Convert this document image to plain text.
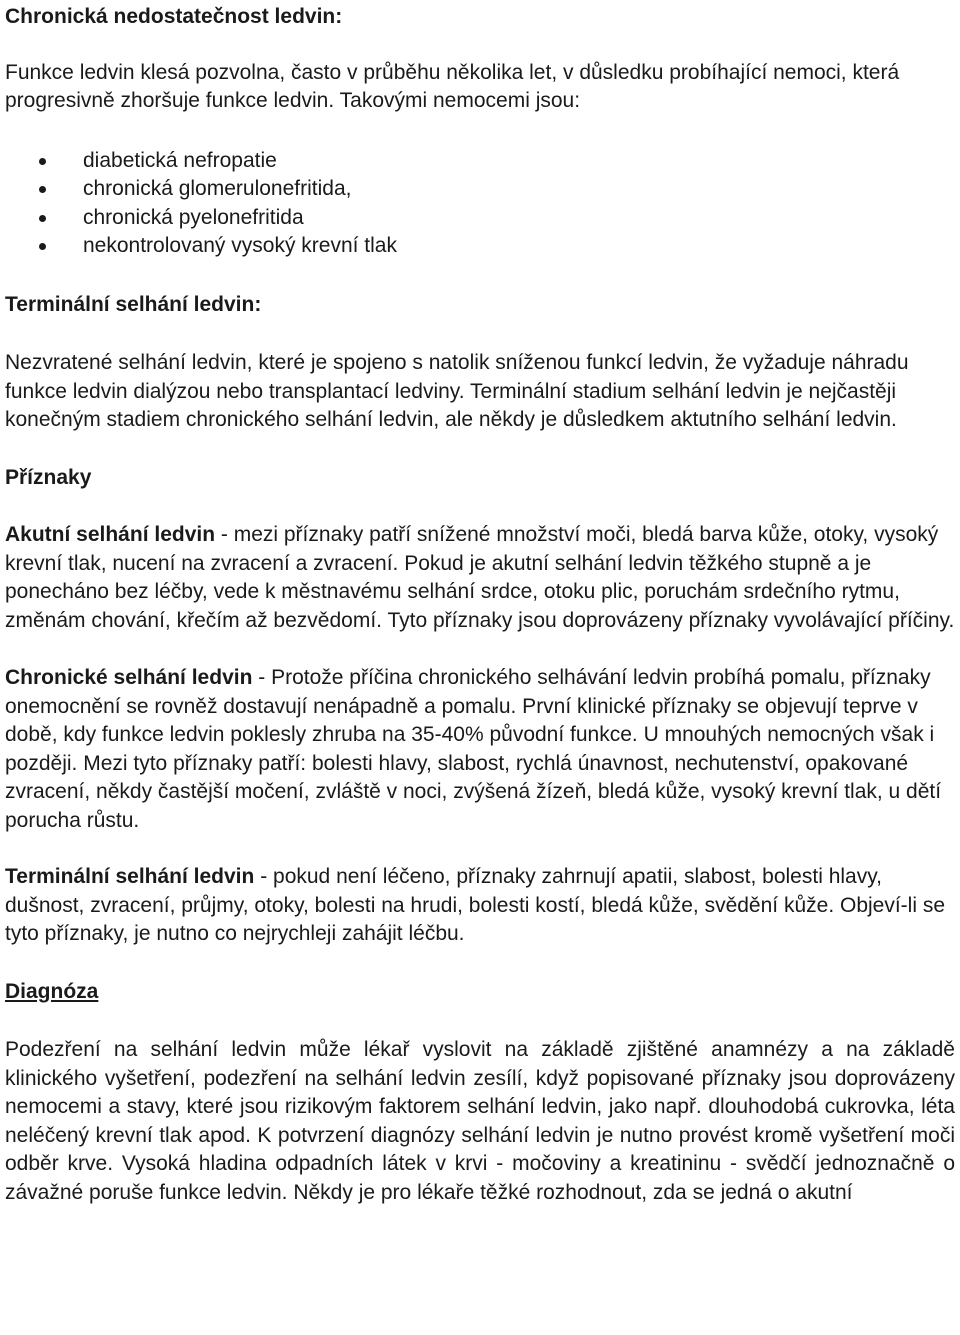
Chronická nedostatečnost ledvin:

Funkce ledvin klesá pozvolna, často v průběhu několika let, v důsledku probíhající nemoci, která progresivně zhoršuje funkce ledvin. Takovými nemocemi jsou:

diabetická nefropatie
chronická glomerulonefritida,
chronická pyelonefritida
nekontrolovaný vysoký krevní tlak

Terminální selhání ledvin:

Nezvratené selhání ledvin, které je spojeno s natolik sníženou funkcí ledvin, že vyžaduje náhradu funkce ledvin dialýzou nebo transplantací ledviny. Terminální stadium selhání ledvin je nejčastěji konečným stadiem chronického selhání ledvin, ale někdy je důsledkem aktutního selhání ledvin.

Příznaky

Akutní selhání ledvin - mezi příznaky patří snížené množství moči, bledá barva kůže, otoky, vysoký krevní tlak, nucení na zvracení a zvracení. Pokud je akutní selhání ledvin těžkého stupně a je ponecháno bez léčby, vede k městnavému selhání srdce, otoku plic, poruchám srdečního rytmu, změnám chování, křečím až bezvědomí. Tyto příznaky jsou doprovázeny příznaky vyvolávající příčiny.

Chronické selhání ledvin - Protože příčina chronického selhávání ledvin probíhá pomalu, příznaky onemocnění se rovněž dostavují nenápadně a pomalu. První klinické příznaky se objevují teprve v době, kdy funkce ledvin poklesly zhruba na 35-40% původní funkce. U mnouhých nemocných však i později. Mezi tyto příznaky patří: bolesti hlavy, slabost, rychlá únavnost, nechutenství, opakované zvracení, někdy častější močení, zvláště v noci, zvýšená žízeň, bledá kůže, vysoký krevní tlak, u dětí porucha růstu.

Terminální selhání ledvin - pokud není léčeno, příznaky zahrnují apatii, slabost, bolesti hlavy, dušnost, zvracení, průjmy, otoky, bolesti na hrudi, bolesti kostí, bledá kůže, svědění kůže. Objeví-li se tyto příznaky, je nutno co nejrychleji zahájit léčbu.

Diagnóza

Podezření na selhání ledvin může lékař vyslovit na základě zjištěné anamnézy a na základě klinického vyšetření, podezření na selhání ledvin zesílí, když popisované příznaky jsou doprovázeny nemocemi a stavy, které jsou rizikovým faktorem selhání ledvin, jako např. dlouhodobá cukrovka, léta neléčený krevní tlak apod. K potvrzení diagnózy selhání ledvin je nutno provést kromě vyšetření moči odběr krve. Vysoká hladina odpadních látek v krvi - močoviny a kreatininu - svědčí jednoznačně o závažné poruše funkce ledvin. Někdy je pro lékaře těžké rozhodnout, zda se jedná o akutní
